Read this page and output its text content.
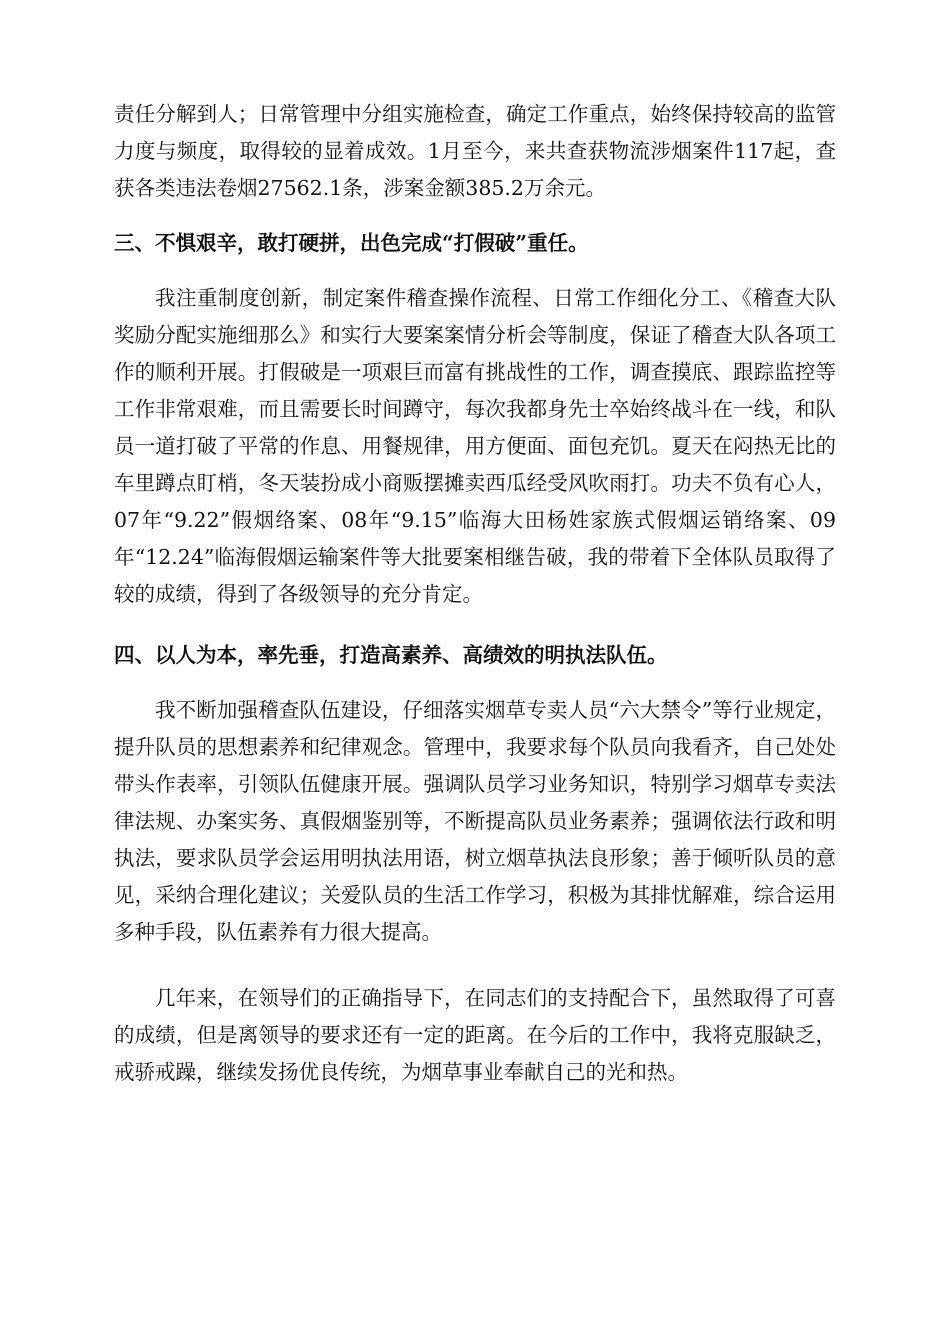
责任分解到人；日常管理中分组实施检查，确定工作重点，始终保持较高的监管力度与频度，取得较的显着成效。1月至今，来共查获物流涉烟案件117起，查获各类违法卷烟27562.1条，涉案金额385.2万余元。

三、不惧艰辛，敢打硬拼，出色完成“打假破”重任。

我注重制度创新，制定案件稽查操作流程、日常工作细化分工、《稽查大队奖励分配实施细那么》和实行大要案案情分析会等制度，保证了稽查大队各项工作的顺利开展。打假破是一项艰巨而富有挑战性的工作，调查摸底、跟踪监控等工作非常艰难，而且需要长时间蹲守，每次我都身先士卒始终战斗在一线，和队员一道打破了平常的作息、用餐规律，用方便面、面包充饥。夏天在闷热无比的车里蹲点盯梢，冬天装扮成小商贩摆摊卖西瓜经受风吹雨打。功夫不负有心人，07年“9.22”假烟络案、08年“9.15”临海大田杨姓家族式假烟运销络案、09年“12.24”临海假烟运输案件等大批要案相继告破，我的带着下全体队员取得了较的成绩，得到了各级领导的充分肯定。

四、以人为本，率先垂，打造高素养、高绩效的明执法队伍。

我不断加强稽查队伍建设，仔细落实烟草专卖人员“六大禁令”等行业规定，提升队员的思想素养和纪律观念。管理中，我要求每个队员向我看齐，自己处处带头作表率，引领队伍健康开展。强调队员学习业务知识，特别学习烟草专卖法律法规、办案实务、真假烟鉴别等，不断提高队员业务素养；强调依法行政和明执法，要求队员学会运用明执法用语，树立烟草执法良形象；善于倾听队员的意见，采纳合理化建议；关爱队员的生活工作学习，积极为其排忧解难，综合运用多种手段，队伍素养有力很大提高。

几年来，在领导们的正确指导下，在同志们的支持配合下，虽然取得了可喜的成绩，但是离领导的要求还有一定的距离。在今后的工作中，我将克服缺乏，戒骄戒躁，继续发扬优良传统，为烟草事业奉献自己的光和热。
